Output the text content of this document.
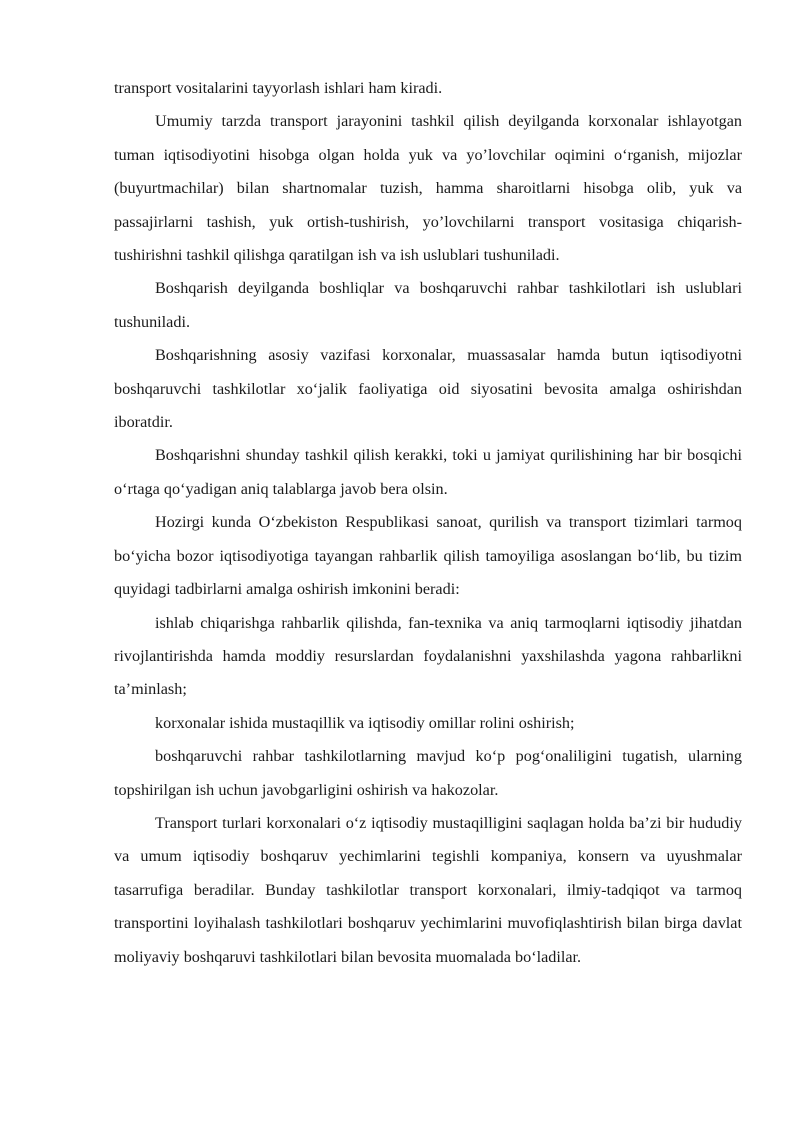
transport vositalarini tayyorlash ishlari ham kiradi.

Umumiy tarzda transport jarayonini tashkil qilish deyilganda korxonalar ishlayotgan tuman iqtisodiyotini hisobga olgan holda yuk va yo’lovchilar oqimini o‘rganish, mijozlar (buyurtmachilar) bilan shartnomalar tuzish, hamma sharoitlarni hisobga olib, yuk va passajirlarni tashish, yuk ortish-tushirish, yo’lovchilarni transport vositasiga chiqarish-tushirishni tashkil qilishga qaratilgan ish va ish uslublari tushuniladi.

Boshqarish deyilganda boshliqlar va boshqaruvchi rahbar tashkilotlari ish uslublari tushuniladi.

Boshqarishning asosiy vazifasi korxonalar, muassasalar hamda butun iqtisodiyotni boshqaruvchi tashkilotlar xo‘jalik faoliyatiga oid siyosatini bevosita amalga oshirishdan iboratdir.

Boshqarishni shunday tashkil qilish kerakki, toki u jamiyat qurilishining har bir bosqichi o‘rtaga qo‘yadigan aniq talablarga javob bera olsin.

Hozirgi kunda O‘zbekiston Respublikasi sanoat, qurilish va transport tizimlari tarmoq bo‘yicha bozor iqtisodiyotiga tayangan rahbarlik qilish tamoyiliga asoslangan bo‘lib, bu tizim quyidagi tadbirlarni amalga oshirish imkonini beradi:

ishlab chiqarishga rahbarlik qilishda, fan-texnika va aniq tarmoqlarni iqtisodiy jihatdan rivojlantirishda hamda moddiy resurslardan foydalanishni yaxshilashda yagona rahbarlikni ta’minlash;

korxonalar ishida mustaqillik va iqtisodiy omillar rolini oshirish;

boshqaruvchi rahbar tashkilotlarning mavjud ko‘p pog‘onaliligini tugatish, ularning topshirilgan ish uchun javobgarligini oshirish va hakozolar.

Transport turlari korxonalari o‘z iqtisodiy mustaqilligini saqlagan holda ba’zi bir hududiy va umum iqtisodiy boshqaruv yechimlarini tegishli kompaniya, konsern va uyushmalar tasarrufiga beradilar. Bunday tashkilotlar transport korxonalari, ilmiy-tadqiqot va tarmoq transportini loyihalash tashkilotlari boshqaruv yechimlarini muvofiqlashtirish bilan birga davlat moliyaviy boshqaruvi tashkilotlari bilan bevosita muomalada bo‘ladilar.
